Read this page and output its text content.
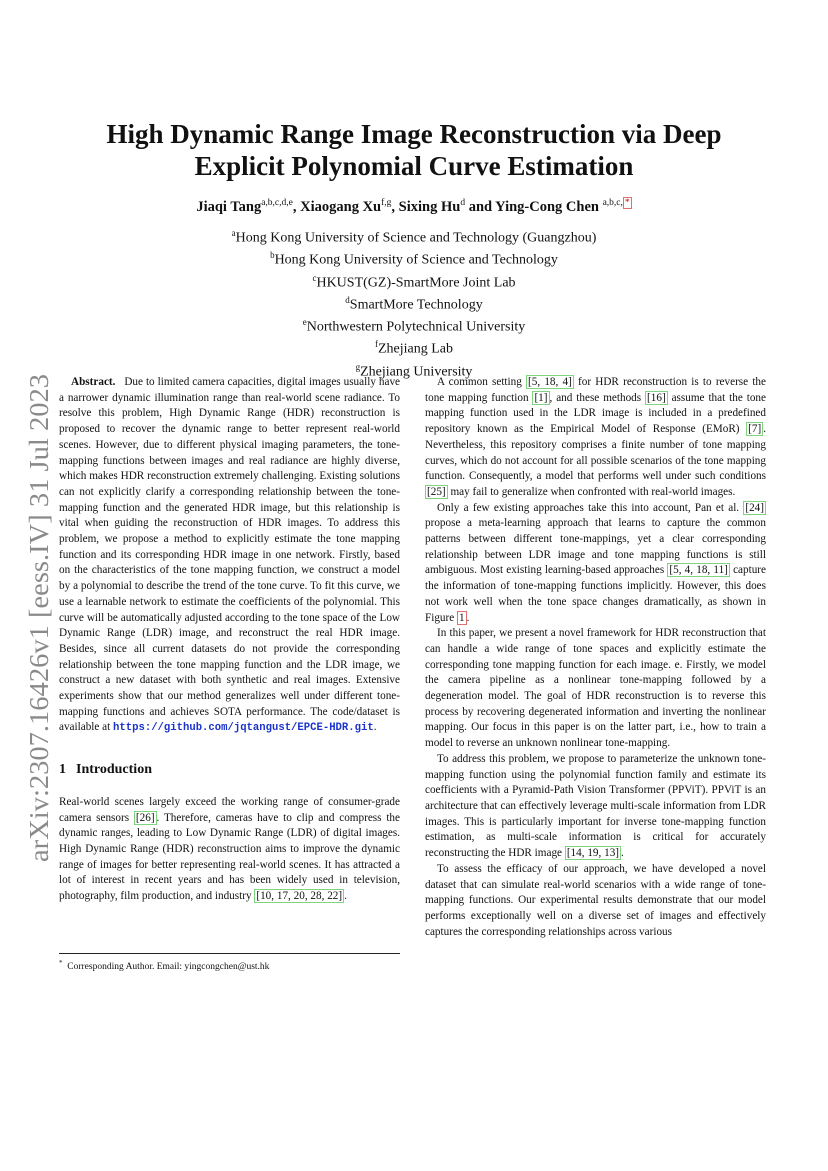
arXiv:2307.16426v1 [eess.IV] 31 Jul 2023
High Dynamic Range Image Reconstruction via Deep
Explicit Polynomial Curve Estimation
Jiaqi Tang$^{a,b,c,d,e}$, Xiaogang Xu$^{f,g}$, Sixing Hu$^d$ and Ying-Cong Chen $^{a,b,c,}$ *
$^a$Hong Kong University of Science and Technology (Guangzhou)
$^b$Hong Kong University of Science and Technology
$^c$HKUST(GZ)-SmartMore Joint Lab
$^d$SmartMore Technology
$^e$Northwestern Polytechnical University
$^f$Zhejiang Lab
$^g$Zhejiang University

Abstract. Due to limited camera capacities, digital images usually have a narrower dynamic illumination range than real-world scene radiance. To resolve this problem, High Dynamic Range (HDR) reconstruction is proposed to recover the dynamic range to better represent real-world scenes. However, due to different physical imaging parameters, the tone-mapping functions between images and real radiance are highly diverse, which makes HDR reconstruction extremely challenging. Existing solutions can not explicitly clarify a corresponding relationship between the tone-mapping function and the generated HDR image, but this relationship is vital when guiding the reconstruction of HDR images. To address this problem, we propose a method to explicitly estimate the tone mapping function and its corresponding HDR image in one network. Firstly, based on the characteristics of the tone mapping function, we construct a model by a polynomial to describe the trend of the tone curve. To fit this curve, we use a learnable network to estimate the coefficients of the polynomial. This curve will be automatically adjusted according to the tone space of the Low Dynamic Range (LDR) image, and reconstruct the real HDR image. Besides, since all current datasets do not provide the corresponding relationship between the tone mapping function and the LDR image, we construct a new dataset with both synthetic and real images. Extensive experiments show that our method generalizes well under different tone-mapping functions and achieves SOTA performance. The code/dataset is available at https://github.com/jqtangust/EPCE-HDR.git.

1 Introduction

Real-world scenes largely exceed the working range of consumer-grade camera sensors [26] . Therefore, cameras have to clip and compress the dynamic ranges, leading to Low Dynamic Range (LDR) of digital images. High Dynamic Range (HDR) reconstruction aims to improve the dynamic range of images for better representing real-world scenes. It has attracted a lot of interest in recent years and has been widely used in television, photography, film production, and industry [10, 17, 20, 28, 22] .

* Corresponding Author. Email: yingcongchen@ust.hk

A common setting [5, 18, 4] for HDR reconstruction is to reverse the tone mapping function [1] , and these methods [16] assume that the tone mapping function used in the LDR image is included in a predefined repository known as the Empirical Model of Response (EMoR) [7] . Nevertheless, this repository comprises a finite number of tone mapping curves, which do not account for all possible scenarios of the tone mapping function. Consequently, a model that performs well under such conditions [25] may fail to generalize when confronted with real-world images.

Only a few existing approaches take this into account, Pan et al. [24] propose a meta-learning approach that learns to capture the common patterns between different tone-mappings, yet a clear corresponding relationship between LDR image and tone mapping functions is still ambiguous. Most existing learning-based approaches [5, 4, 18, 11] capture the information of tone-mapping functions implicitly. However, this does not work well when the tone space changes dramatically, as shown in Figure 1 .

In this paper, we present a novel framework for HDR reconstruction that can handle a wide range of tone spaces and explicitly estimate the corresponding tone mapping function for each image. e. Firstly, we model the camera pipeline as a nonlinear tone-mapping followed by a degeneration model. The goal of HDR reconstruction is to reverse this process by recovering degenerated information and inverting the nonlinear mapping. Our focus in this paper is on the latter part, i.e., how to train a model to reverse an unknown nonlinear tone-mapping.

To address this problem, we propose to parameterize the unknown tone-mapping function using the polynomial function family and estimate its coefficients with a Pyramid-Path Vision Transformer (PPViT). PPViT is an architecture that can effectively leverage multi-scale information from LDR images. This is particularly important for inverse tone-mapping function estimation, as multi-scale information is critical for accurately reconstructing the HDR image [14, 19, 13] .

To assess the efficacy of our approach, we have developed a novel dataset that can simulate real-world scenarios with a wide range of tone-mapping functions. Our experimental results demonstrate that our model performs exceptionally well on a diverse set of images and effectively captures the corresponding relationships across various
